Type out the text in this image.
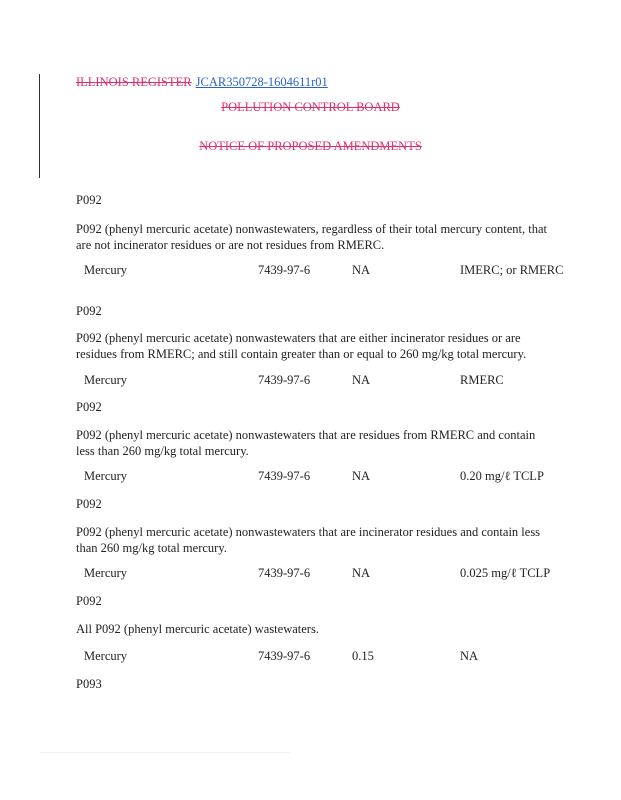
ILLINOIS REGISTER JCAR350728-1604611r01
POLLUTION CONTROL BOARD
NOTICE OF PROPOSED AMENDMENTS
P092
P092 (phenyl mercuric acetate) nonwastewaters, regardless of their total mercury content, that are not incinerator residues or are not residues from RMERC.
Mercury	7439-97-6	NA	IMERC; or RMERC
P092
P092 (phenyl mercuric acetate) nonwastewaters that are either incinerator residues or are residues from RMERC; and still contain greater than or equal to 260 mg/kg total mercury.
Mercury	7439-97-6	NA	RMERC
P092
P092 (phenyl mercuric acetate) nonwastewaters that are residues from RMERC and contain less than 260 mg/kg total mercury.
Mercury	7439-97-6	NA	0.20 mg/ℓ TCLP
P092
P092 (phenyl mercuric acetate) nonwastewaters that are incinerator residues and contain less than 260 mg/kg total mercury.
Mercury	7439-97-6	NA	0.025 mg/ℓ TCLP
P092
All P092 (phenyl mercuric acetate) wastewaters.
Mercury	7439-97-6	0.15	NA
P093
